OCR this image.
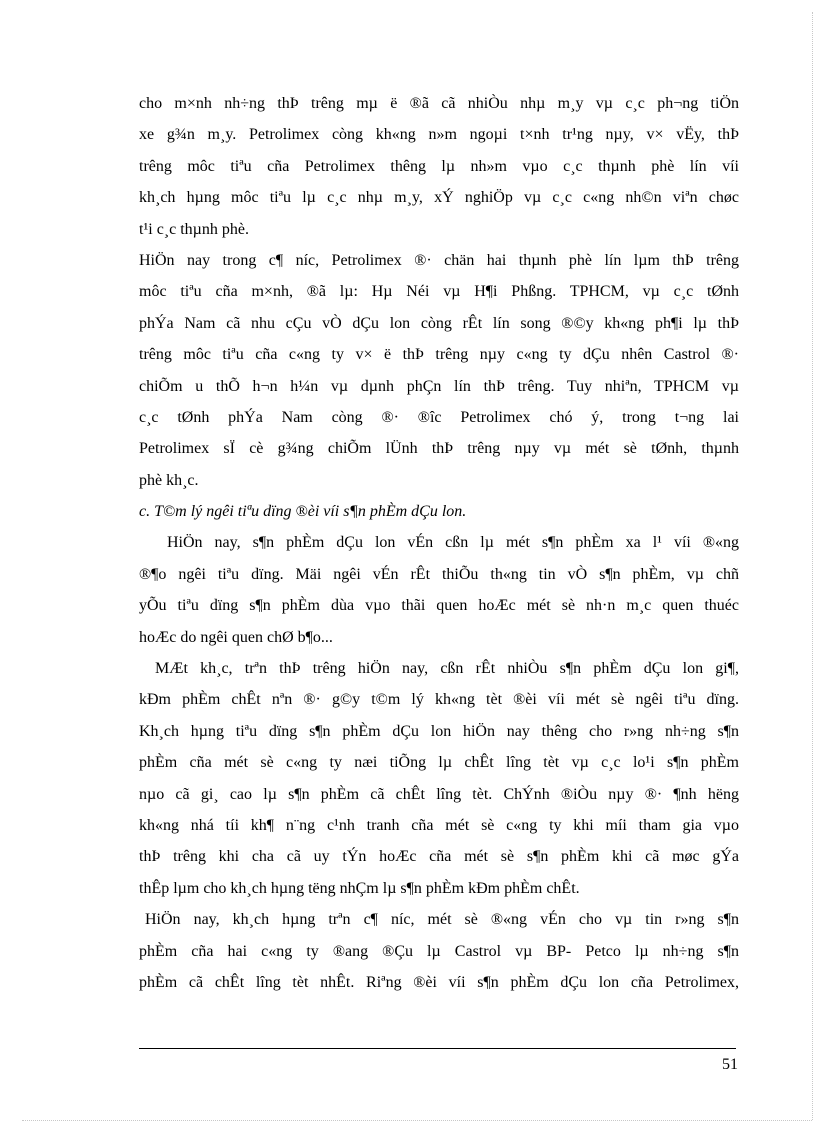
cho m×nh nh÷ng thÞ trêng mµ ë ®ã cã nhiÒu nhµ m¸y vµ c¸c ph¬ng tiÖn
xe g¾n m¸y. Petrolimex còng kh«ng n»m ngoµi t×nh tr¹ng nµy, v× vËy, thÞ
trêng môc tiªu cña Petrolimex thêng lµ nh»m vµo c¸c thµnh phè lín víi
kh¸ch hµng môc tiªu lµ c¸c nhµ m¸y, xÝ nghiÖp vµ c¸c c«ng nh©n viªn chøc
t¹i c¸c thµnh phè.
HiÖn nay trong c¶ níc, Petrolimex ®· chän hai thµnh phè lín lµm thÞ trêng
môc tiªu cña m×nh, ®ã lµ: Hµ Néi vµ H¶i Phßng. TPHCM, vµ c¸c tØnh
phÝa Nam cã nhu cÇu vÒ dÇu lon còng rÊt lín song ®©y kh«ng ph¶i lµ thÞ
trêng môc tiªu cña c«ng ty v× ë thÞ trêng nµy c«ng ty dÇu nhên Castrol ®·
chiÕm u thÕ h¬n h¼n vµ dµnh phÇn lín thÞ trêng. Tuy nhiªn, TPHCM vµ
c¸c tØnh phÝa Nam còng ®· ®îc Petrolimex chó ý, trong t¬ng lai
Petrolimex sÏ cè g¾ng chiÕm lÜnh thÞ trêng nµy vµ mét sè tØnh, thµnh
phè kh¸c.
c. T©m lý ngêi tiªu dïng ®èi víi s¶n phÈm dÇu lon.
HiÖn nay, s¶n phÈm dÇu lon vÉn cßn lµ mét s¶n phÈm xa l¹ víi ®«ng
®¶o ngêi tiªu dïng. Mäi ngêi vÉn rÊt thiÕu th«ng tin vÒ s¶n phÈm, vµ chñ
yÕu tiªu dïng s¶n phÈm dùa vµo thãi quen hoÆc mét sè nh·n m¸c quen thuéc
hoÆc do ngêi quen chØ b¶o...
MÆt kh¸c, trªn thÞ trêng hiÖn nay, cßn rÊt nhiÒu s¶n phÈm dÇu lon gi¶,
kÐm phÈm chÊt nªn ®· g©y t©m lý kh«ng tèt ®èi víi mét sè ngêi tiªu dïng.
Kh¸ch hµng tiªu dïng s¶n phÈm dÇu lon hiÖn nay thêng cho r»ng nh÷ng s¶n
phÈm cña mét sè c«ng ty næi tiÕng lµ chÊt lîng tèt vµ c¸c lo¹i s¶n phÈm
nµo cã gi¸ cao lµ s¶n phÈm cã chÊt lîng tèt. ChÝnh ®iÒu nµy ®· ¶nh hëng
kh«ng nhá tíi kh¶ n¨ng c¹nh tranh cña mét sè c«ng ty khi míi tham gia vµo
thÞ trêng khi cha cã uy tÝn hoÆc cña mét sè s¶n phÈm khi cã møc gÝa
thÊp lµm cho kh¸ch hµng tëng nhÇm lµ s¶n phÈm kÐm phÈm chÊt.
HiÖn nay, kh¸ch hµng trªn c¶ níc, mét sè ®«ng vÉn cho vµ tin r»ng s¶n
phÈm cña hai c«ng ty ®ang ®Çu lµ Castrol vµ BP- Petco lµ nh÷ng s¶n
phÈm cã chÊt lîng tèt nhÊt. Riªng ®èi víi s¶n phÈm dÇu lon cña Petrolimex,
51
